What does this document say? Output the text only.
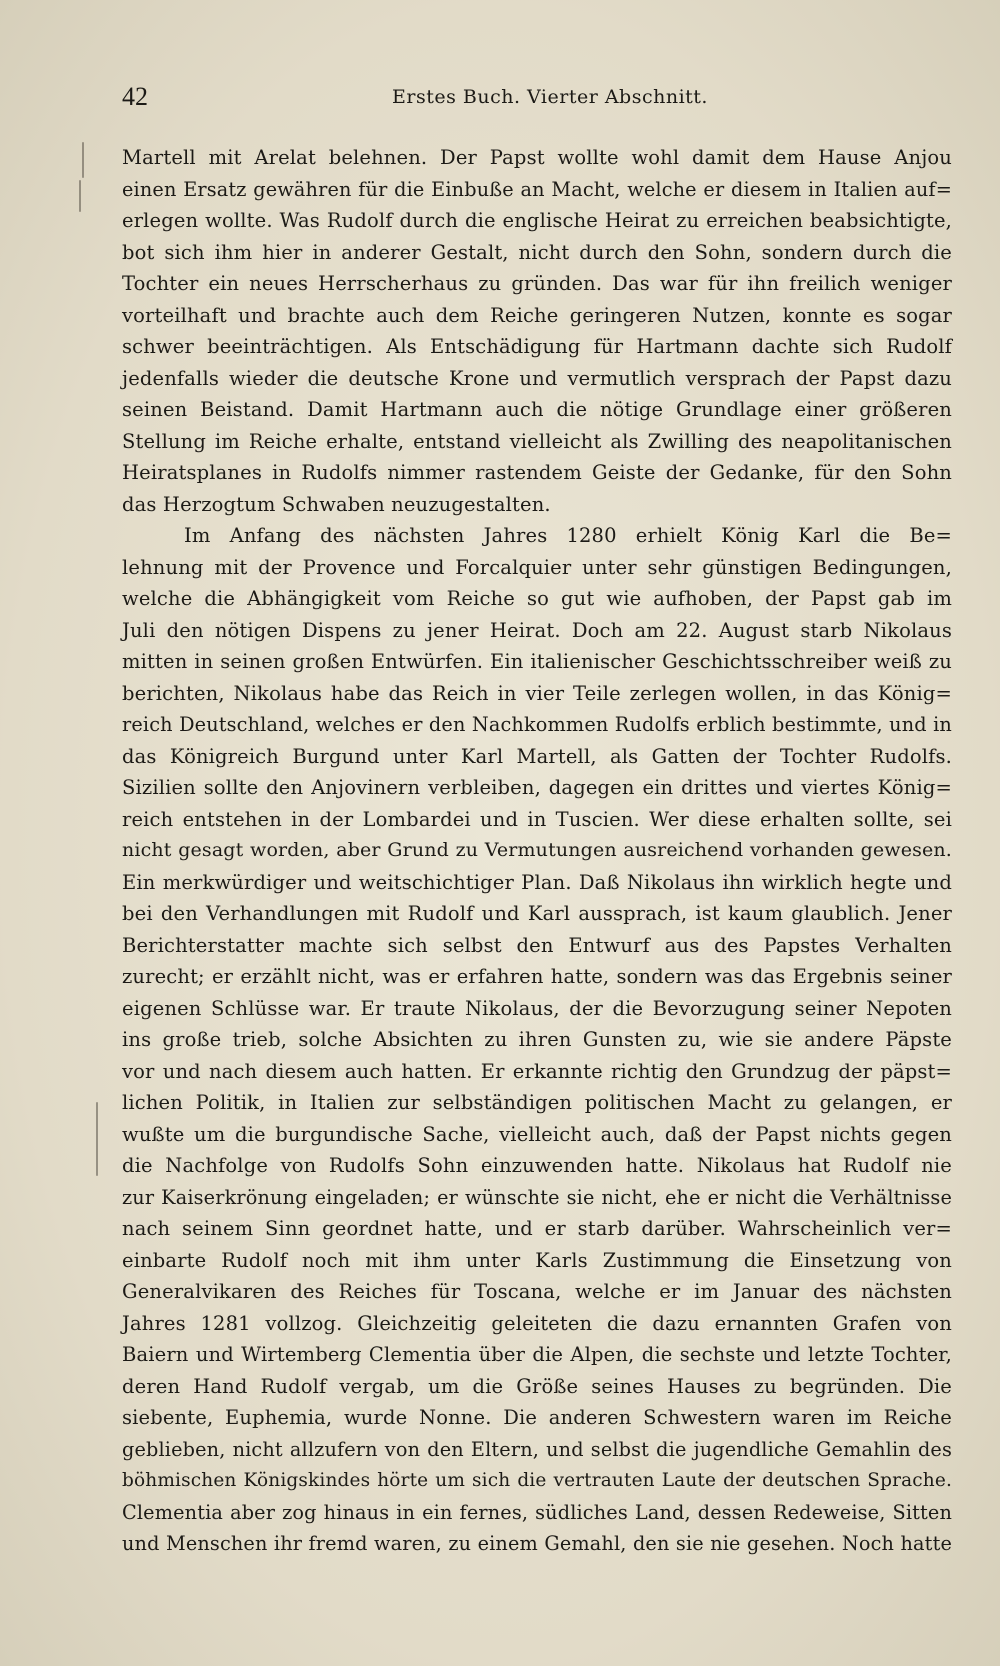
42	Erstes Buch. Vierter Abschnitt.
Martell mit Arelat belehnen. Der Papst wollte wohl damit dem Hause Anjou
einen Ersatz gewähren für die Einbuße an Macht, welche er diesem in Italien auf=
erlegen wollte. Was Rudolf durch die englische Heirat zu erreichen beabsichtigte,
bot sich ihm hier in anderer Gestalt, nicht durch den Sohn, sondern durch die
Tochter ein neues Herrscherhaus zu gründen. Das war für ihn freilich weniger
vorteilhaft und brachte auch dem Reiche geringeren Nutzen, konnte es sogar
schwer beeinträchtigen. Als Entschädigung für Hartmann dachte sich Rudolf
jedenfalls wieder die deutsche Krone und vermutlich versprach der Papst dazu
seinen Beistand. Damit Hartmann auch die nötige Grundlage einer größeren
Stellung im Reiche erhalte, entstand vielleicht als Zwilling des neapolitanischen
Heiratsplanes in Rudolfs nimmer rastendem Geiste der Gedanke, für den Sohn
das Herzogtum Schwaben neuzugestalten.
Im Anfang des nächsten Jahres 1280 erhielt König Karl die Be=
lehnung mit der Provence und Forcalquier unter sehr günstigen Bedingungen,
welche die Abhängigkeit vom Reiche so gut wie aufhoben, der Papst gab im
Juli den nötigen Dispens zu jener Heirat. Doch am 22. August starb Nikolaus
mitten in seinen großen Entwürfen. Ein italienischer Geschichtsschreiber weiß zu
berichten, Nikolaus habe das Reich in vier Teile zerlegen wollen, in das König=
reich Deutschland, welches er den Nachkommen Rudolfs erblich bestimmte, und in
das Königreich Burgund unter Karl Martell, als Gatten der Tochter Rudolfs.
Sizilien sollte den Anjovinern verbleiben, dagegen ein drittes und viertes König=
reich entstehen in der Lombardei und in Tuscien. Wer diese erhalten sollte, sei
nicht gesagt worden, aber Grund zu Vermutungen ausreichend vorhanden gewesen.
Ein merkwürdiger und weitschichtiger Plan. Daß Nikolaus ihn wirklich hegte und
bei den Verhandlungen mit Rudolf und Karl aussprach, ist kaum glaublich. Jener
Berichterstatter machte sich selbst den Entwurf aus des Papstes Verhalten
zurecht; er erzählt nicht, was er erfahren hatte, sondern was das Ergebnis seiner
eigenen Schlüsse war. Er traute Nikolaus, der die Bevorzugung seiner Nepoten
ins große trieb, solche Absichten zu ihren Gunsten zu, wie sie andere Päpste
vor und nach diesem auch hatten. Er erkannte richtig den Grundzug der päpst=
lichen Politik, in Italien zur selbständigen politischen Macht zu gelangen, er
wußte um die burgundische Sache, vielleicht auch, daß der Papst nichts gegen
die Nachfolge von Rudolfs Sohn einzuwenden hatte. Nikolaus hat Rudolf nie
zur Kaiserkrönung eingeladen; er wünschte sie nicht, ehe er nicht die Verhältnisse
nach seinem Sinn geordnet hatte, und er starb darüber. Wahrscheinlich ver=
einbarte Rudolf noch mit ihm unter Karls Zustimmung die Einsetzung von
Generalvikaren des Reiches für Toscana, welche er im Januar des nächsten
Jahres 1281 vollzog. Gleichzeitig geleiteten die dazu ernannten Grafen von
Baiern und Wirtemberg Clementia über die Alpen, die sechste und letzte Tochter,
deren Hand Rudolf vergab, um die Größe seines Hauses zu begründen. Die
siebente, Euphemia, wurde Nonne. Die anderen Schwestern waren im Reiche
geblieben, nicht allzufern von den Eltern, und selbst die jugendliche Gemahlin des
böhmischen Königskindes hörte um sich die vertrauten Laute der deutschen Sprache.
Clementia aber zog hinaus in ein fernes, südliches Land, dessen Redeweise, Sitten
und Menschen ihr fremd waren, zu einem Gemahl, den sie nie gesehen. Noch hatte
